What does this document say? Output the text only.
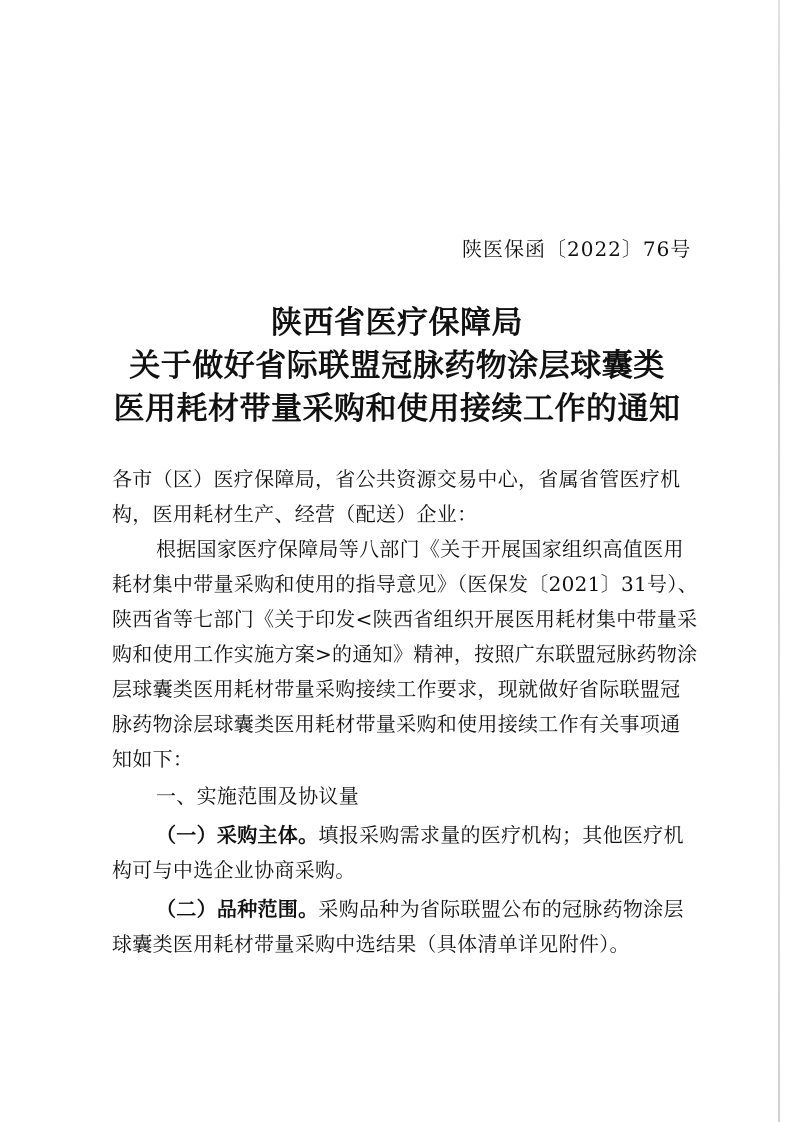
陕医保函〔2022〕76号
陕西省医疗保障局
关于做好省际联盟冠脉药物涂层球囊类
医用耗材带量采购和使用接续工作的通知

各市（区）医疗保障局，省公共资源交易中心，省属省管医疗机

构，医用耗材生产、经营（配送）企业：

根据国家医疗保障局等八部门《关于开展国家组织高值医用

耗材集中带量采购和使用的指导意见》（医保发〔2021〕31号）、

陕西省等七部门《关于印发<陕西省组织开展医用耗材集中带量采

购和使用工作实施方案>的通知》精神，按照广东联盟冠脉药物涂

层球囊类医用耗材带量采购接续工作要求，现就做好省际联盟冠

脉药物涂层球囊类医用耗材带量采购和使用接续工作有关事项通

知如下：

一、实施范围及协议量

（一）采购主体。填报采购需求量的医疗机构；其他医疗机

构可与中选企业协商采购。

（二）品种范围。采购品种为省际联盟公布的冠脉药物涂层

球囊类医用耗材带量采购中选结果（具体清单详见附件）。
